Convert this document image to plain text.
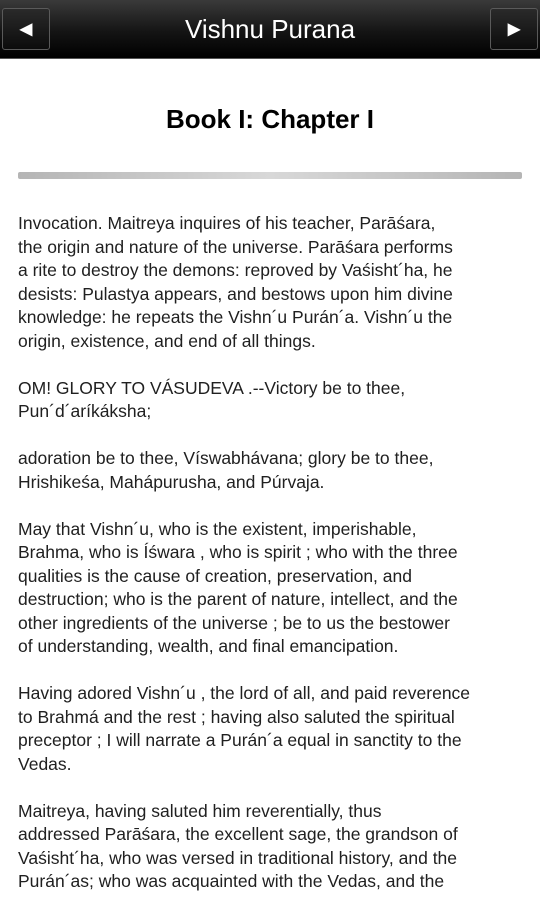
◀	Vishnu Purana	▶
Book I: Chapter I
Invocation. Maitreya inquires of his teacher, Parāśara,
the origin and nature of the universe. Parāśara performs
a rite to destroy the demons: reproved by Vaśisht´ha, he
desists: Pulastya appears, and bestows upon him divine
knowledge: he repeats the Vishn´u Purán´a. Vishn´u the
origin, existence, and end of all things.
OM! GLORY TO VÁSUDEVA .--Victory be to thee,
Pun´d´aríkáksha;
adoration be to thee, Víswabhávana; glory be to thee,
Hrishikeśa, Mahápurusha, and Púrvaja.
May that Vishn´u, who is the existent, imperishable,
Brahma, who is Íśwara , who is spirit ; who with the three
qualities is the cause of creation, preservation, and
destruction; who is the parent of nature, intellect, and the
other ingredients of the universe ; be to us the bestower
of understanding, wealth, and final emancipation.
Having adored Vishn´u , the lord of all, and paid reverence
to Brahmá and the rest ; having also saluted the spiritual
preceptor ; I will narrate a Purán´a equal in sanctity to the
Vedas.
Maitreya, having saluted him reverentially, thus
addressed Parāśara, the excellent sage, the grandson of
Vaśisht´ha, who was versed in traditional history, and the
Purán´as; who was acquainted with the Vedas, and the
